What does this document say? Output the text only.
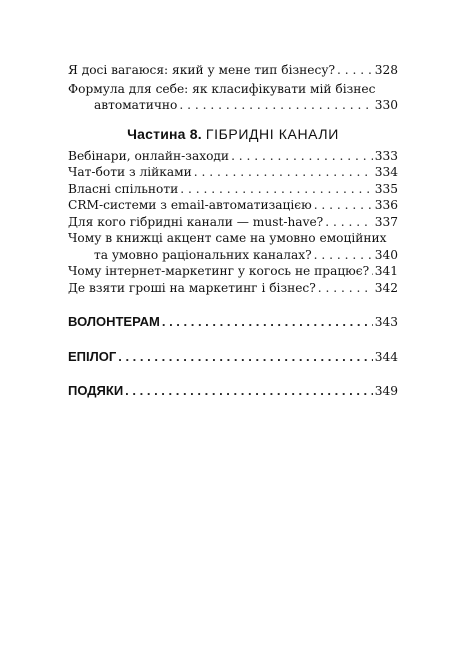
Я досі вагаюся: який у мене тип бізнесу? . . .	328
Формула для себе: як класифікувати мій бізнес
автоматично . . .	330
Частина 8. ГІБРИДНІ КАНАЛИ
Вебінари, онлайн-заходи . . .	333
Чат-боти з лійками . . .	334
Власні спільноти . . .	335
CRM-системи з email-автоматизацією . . .	336
Для кого гібридні канали — must-have? . . .	337
Чому в книжці акцент саме на умовно емоційних
та умовно раціональних каналах? . . .	340
Чому інтернет-маркетинг у когось не працює? . . . 341
Де взяти гроші на маркетинг і бізнес? . . .	342
ВОЛОНТЕРАМ . . .	343
ЕПІЛОГ . . .	344
ПОДЯКИ . . .	349
